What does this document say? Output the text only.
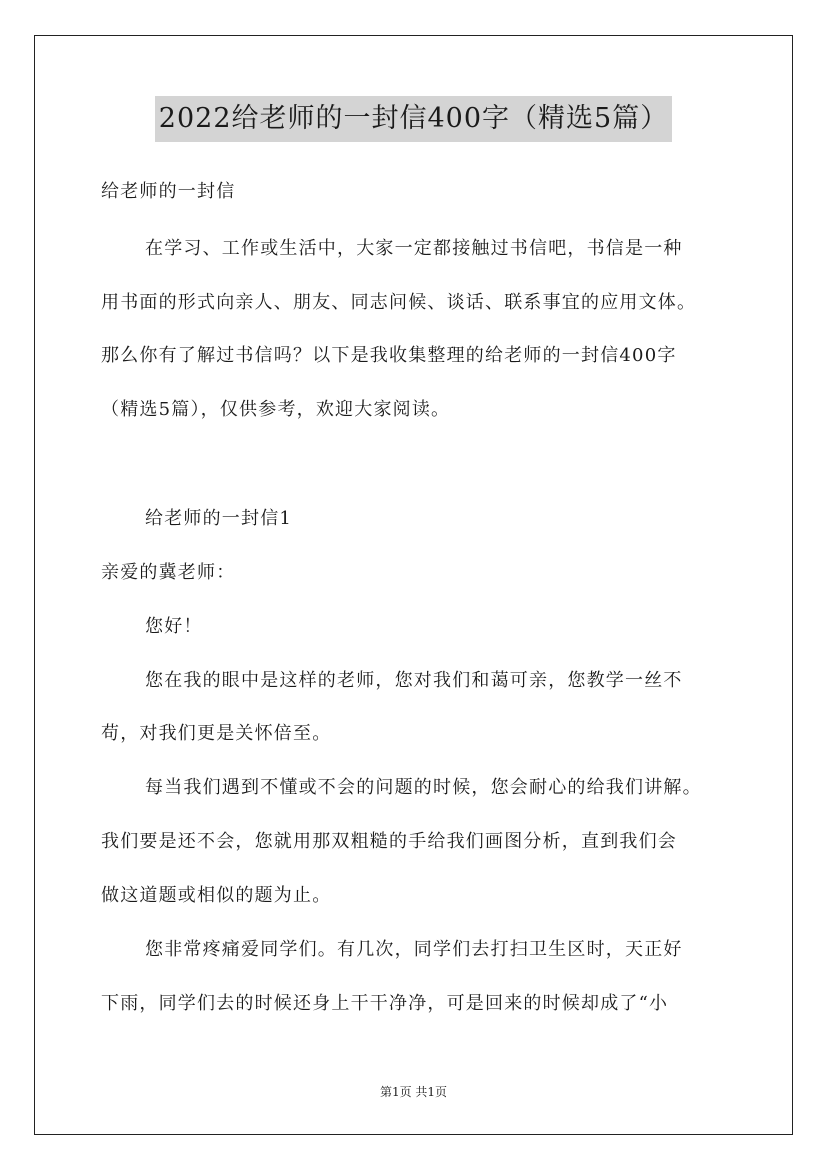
2022给老师的一封信400字（精选5篇）
给老师的一封信
在学习、工作或生活中，大家一定都接触过书信吧，书信是一种
用书面的形式向亲人、朋友、同志问候、谈话、联系事宜的应用文体。
那么你有了解过书信吗？以下是我收集整理的给老师的一封信400字
（精选5篇），仅供参考，欢迎大家阅读。
给老师的一封信1
亲爱的冀老师：
您好！
您在我的眼中是这样的老师，您对我们和蔼可亲，您教学一丝不
苟，对我们更是关怀倍至。
每当我们遇到不懂或不会的问题的时候，您会耐心的给我们讲解。
我们要是还不会，您就用那双粗糙的手给我们画图分析，直到我们会
做这道题或相似的题为止。
您非常疼痛爱同学们。有几次，同学们去打扫卫生区时，天正好
下雨，同学们去的时候还身上干干净净，可是回来的时候却成了“小
第1页 共1页
